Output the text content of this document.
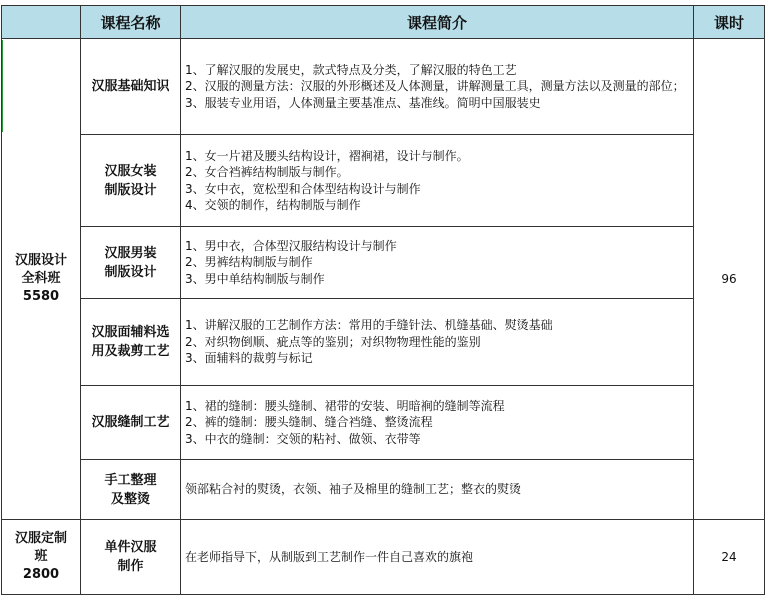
	课程名称	课程简介	课时

汉服设计
全科班
5580	汉服基础知识	1、了解汉服的发展史，款式特点及分类，了解汉服的特色工艺
2、汉服的测量方法：汉服的外形概述及人体测量，讲解测量工具，测量方法以及测量的部位；
3、服装专业用语，人体测量主要基准点、基准线。简明中国服装史	96

	汉服女装
制版设计	1、女一片裙及腰头结构设计，褶裥裙，设计与制作。
2、女合裆裤结构制版与制作。
3、女中衣，宽松型和合体型结构设计与制作
4、交领的制作，结构制版与制作	

	汉服男装
制版设计	1、男中衣，合体型汉服结构设计与制作
2、男裤结构制版与制作
3、男中单结构制版与制作	

	汉服面辅料选
用及裁剪工艺	1、讲解汉服的工艺制作方法：常用的手缝针法、机缝基础、熨烫基础
2、对织物倒顺、疵点等的鉴别；对织物物理性能的鉴别
3、面辅料的裁剪与标记	

	汉服缝制工艺	1、裙的缝制：腰头缝制、裙带的安装、明暗裥的缝制等流程
2、裤的缝制：腰头缝制、缝合裆缝、整烫流程
3、中衣的缝制：交领的粘衬、做领、衣带等	

	手工整理
及整烫	领部粘合衬的熨烫，衣领、袖子及棉里的缝制工艺；整衣的熨烫	

汉服定制
班
2800	单件汉服
制作	在老师指导下，从制版到工艺制作一件自己喜欢的旗袍	24
